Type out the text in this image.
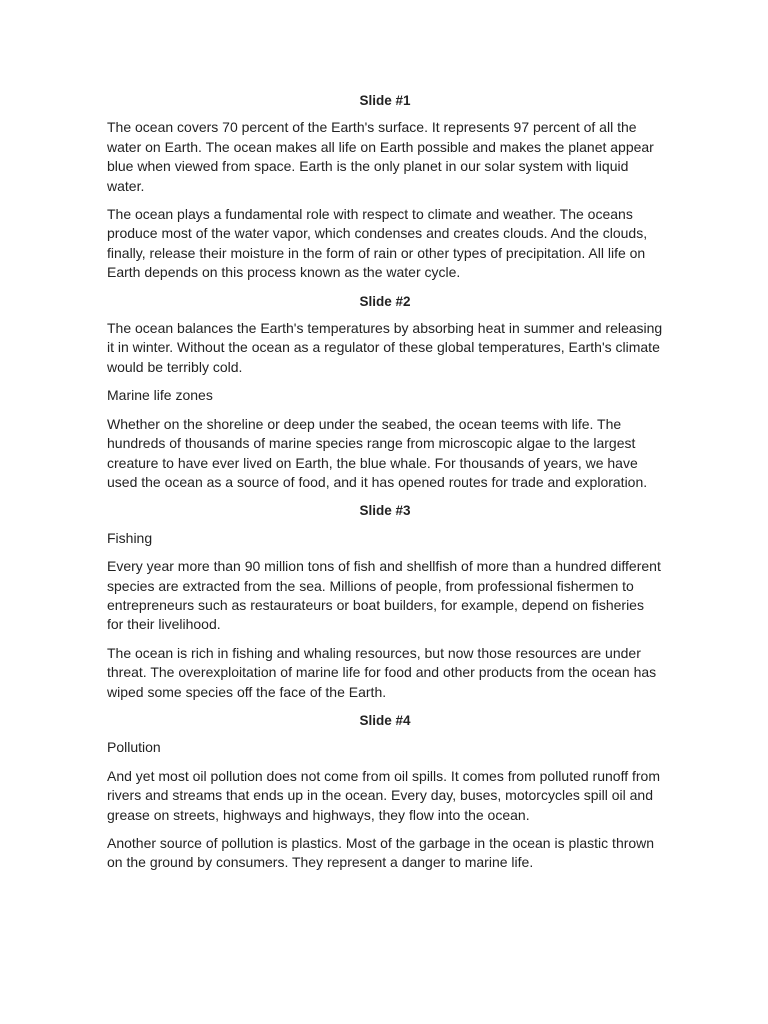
Slide #1

The ocean covers 70 percent of the Earth's surface. It represents 97 percent of all the water on Earth. The ocean makes all life on Earth possible and makes the planet appear blue when viewed from space. Earth is the only planet in our solar system with liquid water.

The ocean plays a fundamental role with respect to climate and weather. The oceans produce most of the water vapor, which condenses and creates clouds. And the clouds, finally, release their moisture in the form of rain or other types of precipitation. All life on Earth depends on this process known as the water cycle.

Slide #2

The ocean balances the Earth's temperatures by absorbing heat in summer and releasing it in winter. Without the ocean as a regulator of these global temperatures, Earth's climate would be terribly cold.

Marine life zones

Whether on the shoreline or deep under the seabed, the ocean teems with life. The hundreds of thousands of marine species range from microscopic algae to the largest creature to have ever lived on Earth, the blue whale. For thousands of years, we have used the ocean as a source of food, and it has opened routes for trade and exploration.

Slide #3

Fishing

Every year more than 90 million tons of fish and shellfish of more than a hundred different species are extracted from the sea. Millions of people, from professional fishermen to entrepreneurs such as restaurateurs or boat builders, for example, depend on fisheries for their livelihood.

The ocean is rich in fishing and whaling resources, but now those resources are under threat. The overexploitation of marine life for food and other products from the ocean has wiped some species off the face of the Earth.

Slide #4

Pollution

And yet most oil pollution does not come from oil spills. It comes from polluted runoff from rivers and streams that ends up in the ocean. Every day, buses, motorcycles spill oil and grease on streets, highways and highways, they flow into the ocean.

Another source of pollution is plastics. Most of the garbage in the ocean is plastic thrown on the ground by consumers. They represent a danger to marine life.
